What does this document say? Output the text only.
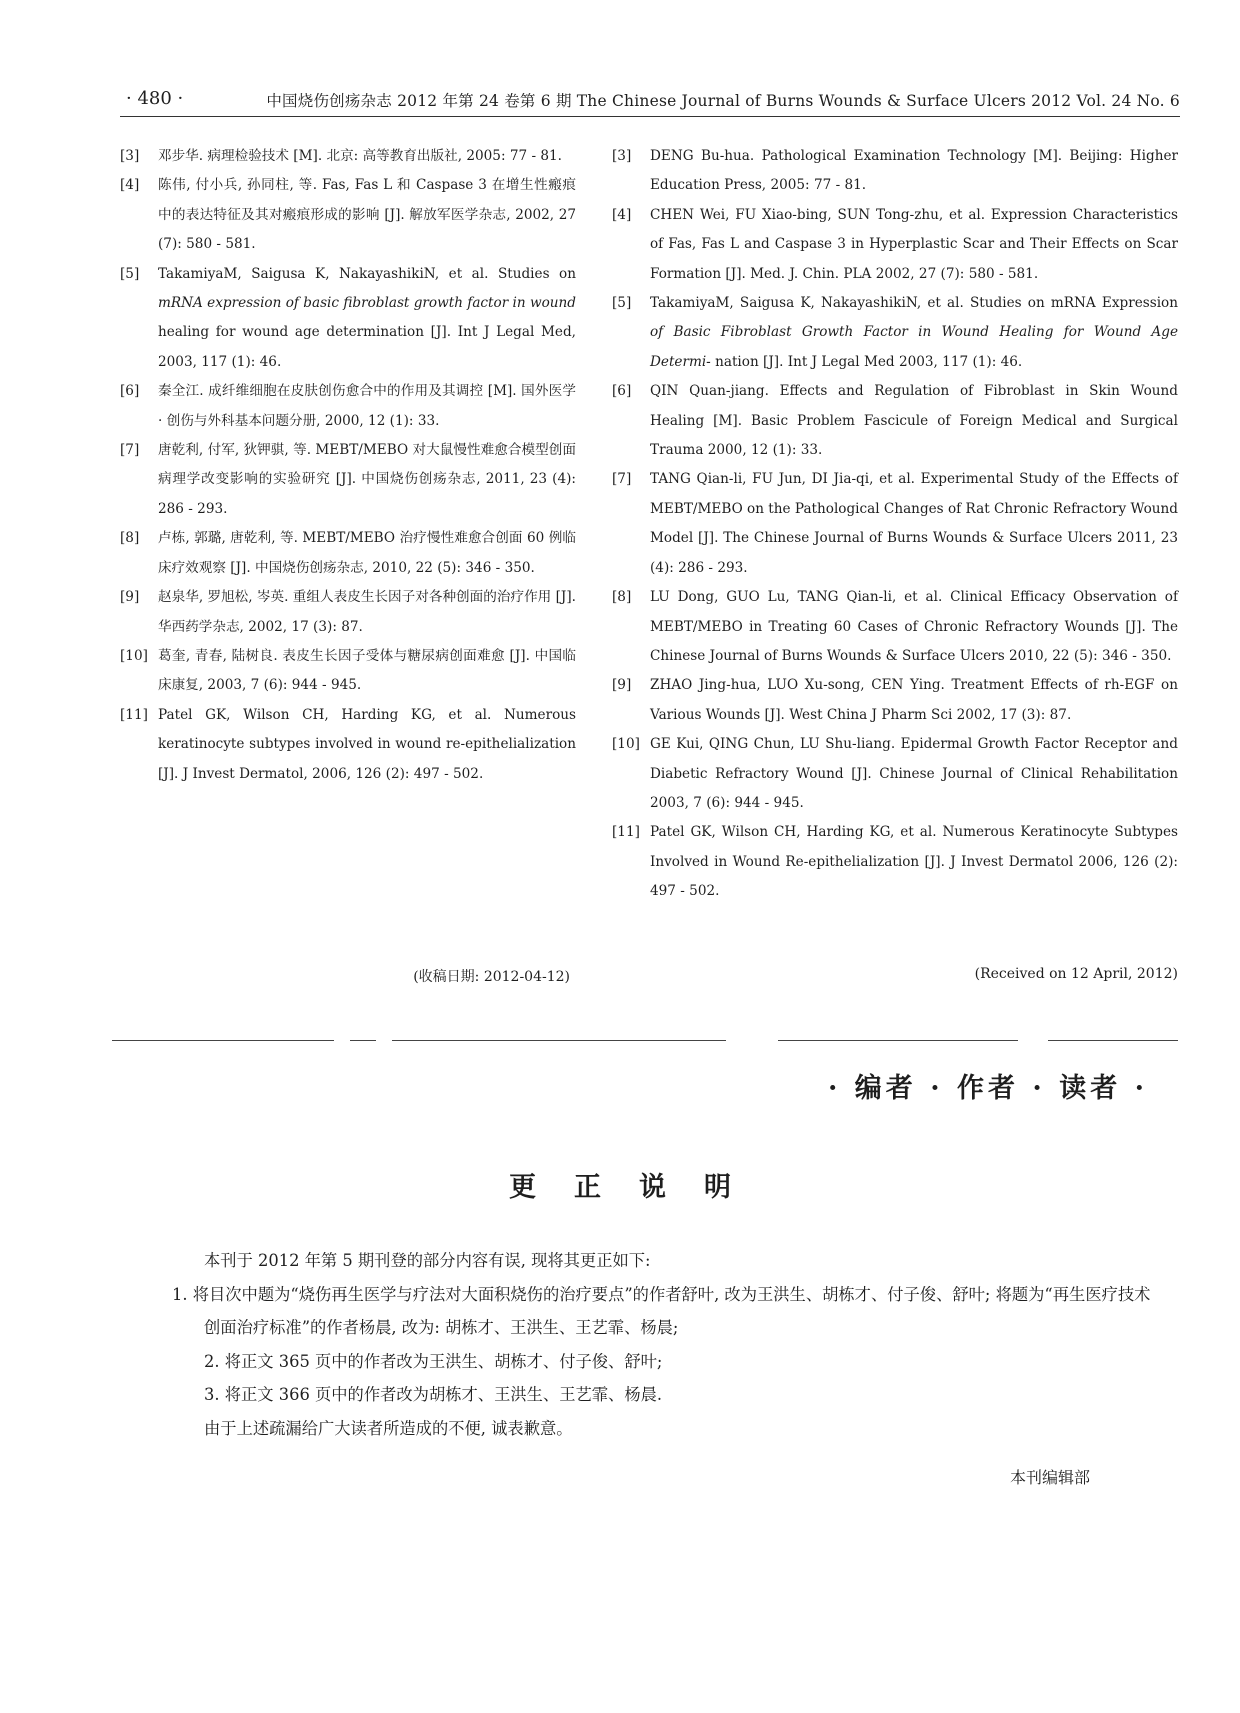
· 480 ·	中国烧伤创疡杂志 2012 年第 24 卷第 6 期 The Chinese Journal of Burns Wounds & Surface Ulcers 2012 Vol. 24 No. 6
[3] 邓步华. 病理检验技术 [M]. 北京: 高等教育出版社, 2005: 77 - 81.
[4] 陈伟, 付小兵, 孙同柱, 等. Fas, Fas L 和 Caspase 3 在增生性瘢痕中的表达特征及其对瘢痕形成的影响 [J]. 解放军医学杂志, 2002, 27 (7): 580 - 581.
[5] TakamiyaM, Saigusa K, NakayashikiN, et al. Studies on mRNA expression of basic fibroblast growth factor in wound healing for wound age determination [J]. Int J Legal Med, 2003, 117 (1): 46.
[6] 秦全江. 成纤维细胞在皮肤创伤愈合中的作用及其调控 [M]. 国外医学 · 创伤与外科基本问题分册, 2000, 12 (1): 33.
[7] 唐乾利, 付军, 狄钾骐, 等. MEBT/MEBO 对大鼠慢性难愈合模型创面病理学改变影响的实验研究 [J]. 中国烧伤创疡杂志, 2011, 23 (4): 286 - 293.
[8] 卢栋, 郭璐, 唐乾利, 等. MEBT/MEBO 治疗慢性难愈合创面 60 例临床疗效观察 [J]. 中国烧伤创疡杂志, 2010, 22 (5): 346 - 350.
[9] 赵泉华, 罗旭松, 岑英. 重组人表皮生长因子对各种创面的治疗作用 [J]. 华西药学杂志, 2002, 17 (3): 87.
[10] 葛奎, 青春, 陆树良. 表皮生长因子受体与糖尿病创面难愈 [J]. 中国临床康复, 2003, 7 (6): 944 - 945.
[11] Patel GK, Wilson CH, Harding KG, et al. Numerous keratinocyte subtypes involved in wound re-epithelialization [J]. J Invest Dermatol, 2006, 126 (2): 497 - 502.
[3] DENG Bu-hua. Pathological Examination Technology [M]. Beijing: Higher Education Press, 2005: 77 - 81.
[4] CHEN Wei, FU Xiao-bing, SUN Tong-zhu, et al. Expression Characteristics of Fas, Fas L and Caspase 3 in Hyperplastic Scar and Their Effects on Scar Formation [J]. Med. J. Chin. PLA 2002, 27 (7): 580 - 581.
[5] TakamiyaM, Saigusa K, NakayashikiN, et al. Studies on mRNA Expression of Basic Fibroblast Growth Factor in Wound Healing for Wound Age Determi- nation [J]. Int J Legal Med 2003, 117 (1): 46.
[6] QIN Quan-jiang. Effects and Regulation of Fibroblast in Skin Wound Healing [M]. Basic Problem Fascicule of Foreign Medical and Surgical Trauma 2000, 12 (1): 33.
[7] TANG Qian-li, FU Jun, DI Jia-qi, et al. Experimental Study of the Effects of MEBT/MEBO on the Pathological Changes of Rat Chronic Refractory Wound Model [J]. The Chinese Journal of Burns Wounds & Surface Ulcers 2011, 23 (4): 286 - 293.
[8] LU Dong, GUO Lu, TANG Qian-li, et al. Clinical Efficacy Observation of MEBT/MEBO in Treating 60 Cases of Chronic Refractory Wounds [J]. The Chinese Journal of Burns Wounds & Surface Ulcers 2010, 22 (5): 346 - 350.
[9] ZHAO Jing-hua, LUO Xu-song, CEN Ying. Treatment Effects of rh-EGF on Various Wounds [J]. West China J Pharm Sci 2002, 17 (3): 87.
[10] GE Kui, QING Chun, LU Shu-liang. Epidermal Growth Factor Receptor and Diabetic Refractory Wound [J]. Chinese Journal of Clinical Rehabilitation 2003, 7 (6): 944 - 945.
[11] Patel GK, Wilson CH, Harding KG, et al. Numerous Keratinocyte Subtypes Involved in Wound Re-epithelialization [J]. J Invest Dermatol 2006, 126 (2): 497 - 502.
(收稿日期: 2012-04-12)	(Received on 12 April, 2012)
· 编者 · 作者 · 读者 ·
更正说明

本刊于 2012 年第 5 期刊登的部分内容有误, 现将其更正如下:

1. 将目次中题为“烧伤再生医学与疗法对大面积烧伤的治疗要点”的作者舒叶, 改为王洪生、胡栋才、付子俊、舒叶; 将题为“再生医疗技术创面治疗标准”的作者杨晨, 改为: 胡栋才、王洪生、王艺霏、杨晨;

2. 将正文 365 页中的作者改为王洪生、胡栋才、付子俊、舒叶;

3. 将正文 366 页中的作者改为胡栋才、王洪生、王艺霏、杨晨.

由于上述疏漏给广大读者所造成的不便, 诚表歉意。

本刊编辑部
